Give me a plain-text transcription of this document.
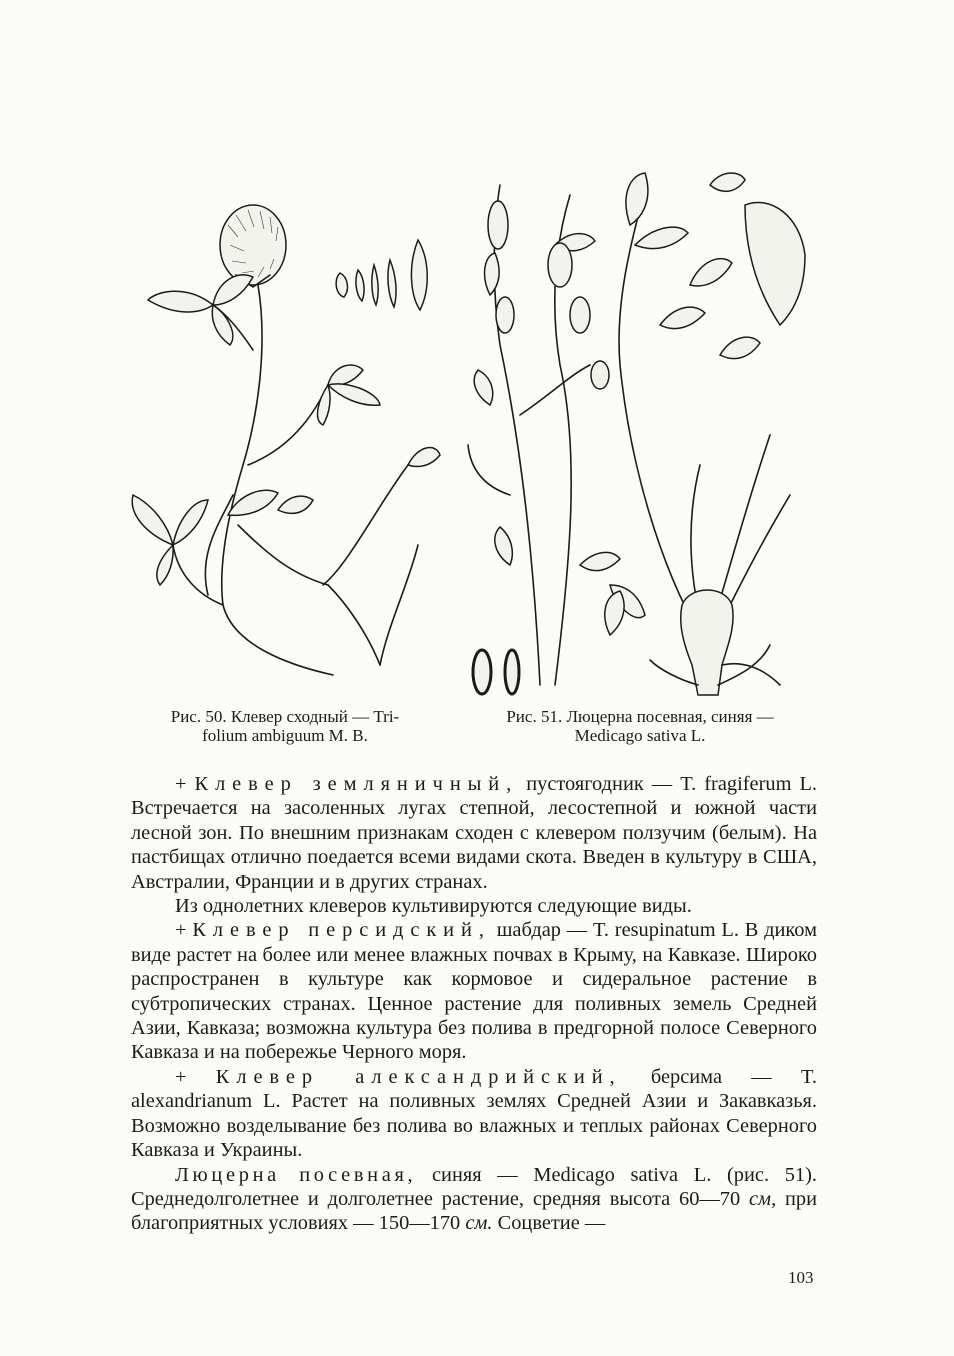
Рис. 50. Клевер сходный — Tri-
folium ambiguum M. B.
Рис. 51. Люцерна посевная, синяя —
Medicago sativa L.

+ Клевер земляничный, пустоягодник — T. fragiferum L. Встречается на засоленных лугах степной, лесостепной и южной части лесной зон. По внешним признакам сходен с клевером ползучим (белым). На пастбищах отлично поедается всеми видами скота. Введен в культуру в США, Австралии, Франции и в других странах.

Из однолетних клеверов культивируются следующие виды.

+ Клевер персидский, шабдар — T. resupinatum L. В диком виде растет на более или менее влажных почвах в Крыму, на Кавказе. Широко распространен в культуре как кормовое и сидеральное растение в субтропических странах. Ценное растение для поливных земель Средней Азии, Кавказа; возможна культура без полива в предгорной полосе Северного Кавказа и на побережье Черного моря.

+ Клевер александрийский, берсима — T. alexandrianum L. Растет на поливных землях Средней Азии и Закавказья. Возможно возделывание без полива во влажных и теплых районах Северного Кавказа и Украины.

Люцерна посевная, синяя — Medicago sativa L. (рис. 51). Среднедолголетнее и долголетнее растение, средняя высота 60—70 см, при благоприятных условиях — 150—170 см. Соцветие —

103
